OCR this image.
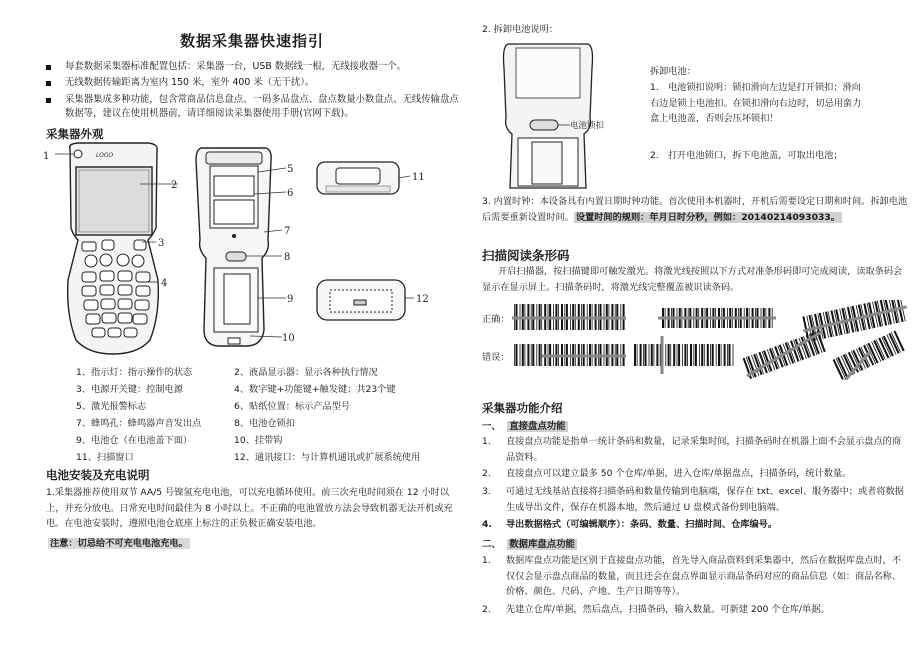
数据采集器快速指引
每套数据采集器标准配置包括：采集器一台，USB 数据线一根，无线接收器一个。
无线数据传输距离为室内 150 米，室外 400 米（无干扰）。
采集器集成多种功能，包含常商品信息盘点、一码多品盘点、盘点数量小数盘点、无线传输盘点数据等，建议在使用机器前，请详细阅读采集器使用手册(官网下载)。
采集器外观
LOGO
1
2
3
4
5
6
7
8
9
10
11
12
1、指示灯：指示操作的状态	2、液晶显示器：显示各种执行情况
3、电源开关键：控制电源	4、数字键+功能键+触发键；共23个键
5、激光报警标志	6、贴纸位置：标示产品型号
7、蜂鸣孔：蜂鸣器声音发出点	8、电池仓锁扣
9、电池仓（在电池盖下面）	10、挂带钩
11、扫描窗口	12、通讯接口：与计算机通讯或扩展系统使用
电池安装及充电说明
1.采集器推荐使用双节 AA/5 号镍氢充电电池，可以充电循环使用。前三次充电时间须在 12 小时以上，并充分放电。日常充电时间最佳为 8 小时以上。不正确的电池置放方法会导致机器无法开机或充电。在电池安装时，遵照电池仓底座上标注的正负极正确安装电池。
注意：切忌给不可充电电池充电。
2. 拆卸电池说明：
电池锁扣
拆卸电池：
1.　电池锁扣说明：锁扣滑向左边是打开锁扣；滑向右边是锁上电池扣。在锁扣滑向右边时，切忌用蛮力盒上电池盖，否则会压坏锁扣！
2.　打开电池锁口，拆下电池盖，可取出电池；
3. 内置时钟：本设备具有内置日期时钟功能。首次使用本机器时，开机后需要设定日期和时间。拆卸电池后需要重新设置时间。 设置时间的规则：年月日时分秒，例如：20140214093033。
扫描阅读条形码
开启扫描器，按扫描键即可触发激光。将激光线按照以下方式对准条形码即可完成阅读，读取条码会显示在显示屏上。扫描条码时，将激光线完整覆盖被识读条码。
正确：
错误：
采集器功能介绍
一、 直接盘点功能
1.	直接盘点功能是指单一统计条码和数量，记录采集时间，扫描条码时在机器上面不会显示盘点的商品资料。
2.	直接盘点可以建立最多 50 个仓库/单据，进入仓库/单据盘点，扫描条码，统计数量。
3.	可通过无线基站直接将扫描条码和数量传输到电脑端，保存在 txt、excel、服务器中；或者将数据生成导出文件，保存在机器本地，然后通过 U 盘模式备份到电脑端。
4.	导出数据格式（可编辑顺序）：条码、数量、扫描时间、仓库编号。
二、 数据库盘点功能
1.	数据库盘点功能是区别于直接盘点功能，首先导入商品资料到采集器中，然后在数据库盘点时，不仅仅会显示盘点商品的数量，而且还会在盘点界面显示商品条码对应的商品信息（如：商品名称、价格、颜色、尺码、产地、生产日期等等）。
2.	先建立仓库/单据，然后盘点，扫描条码，输入数量。可新建 200 个仓库/单据。
